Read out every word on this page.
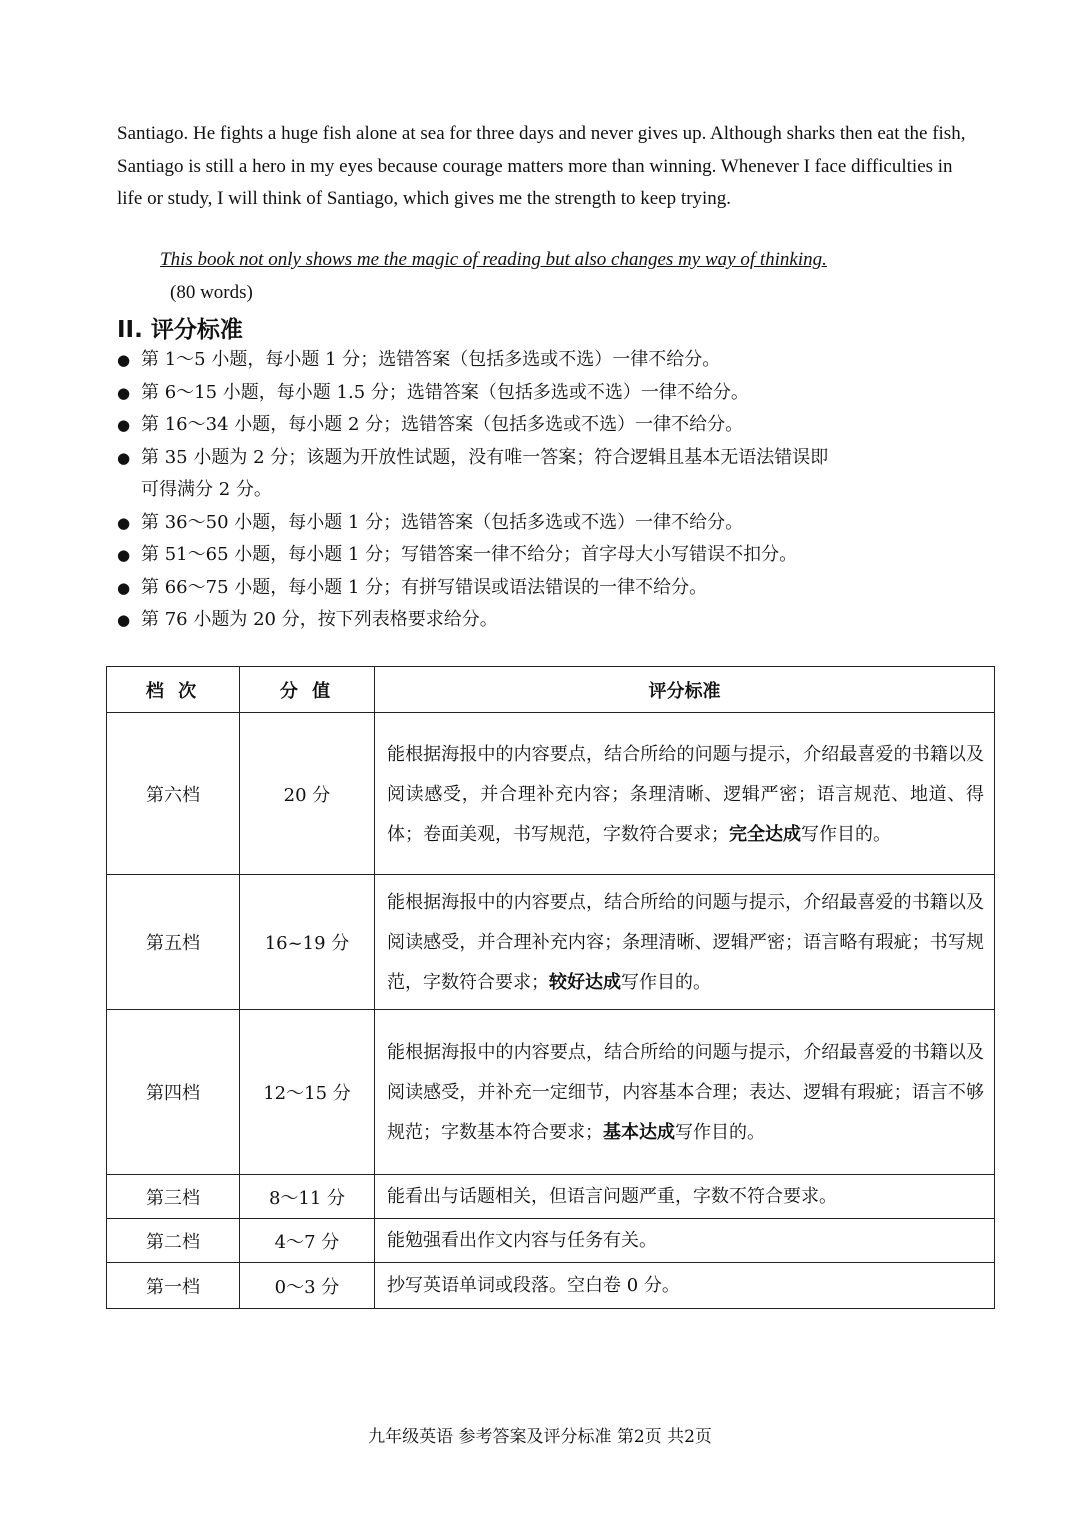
Santiago. He fights a huge fish alone at sea for three days and never gives up. Although sharks then eat the fish, Santiago is still a hero in my eyes because courage matters more than winning. Whenever I face difficulties in life or study, I will think of Santiago, which gives me the strength to keep trying.

This book not only shows me the magic of reading but also changes my way of thinking.
(80 words)
II. 评分标准
● 第 1～5 小题，每小题 1 分；选错答案（包括多选或不选）一律不给分。
● 第 6～15 小题，每小题 1.5 分；选错答案（包括多选或不选）一律不给分。
● 第 16～34 小题，每小题 2 分；选错答案（包括多选或不选）一律不给分。
● 第 35 小题为 2 分；该题为开放性试题，没有唯一答案；符合逻辑且基本无语法错误即
可得满分 2 分。
● 第 36～50 小题，每小题 1 分；选错答案（包括多选或不选）一律不给分。
● 第 51～65 小题，每小题 1 分；写错答案一律不给分；首字母大小写错误不扣分。
● 第 66～75 小题，每小题 1 分；有拼写错误或语法错误的一律不给分。
● 第 76 小题为 20 分，按下列表格要求给分。
档 次	分 值	评分标准
第六档	20 分	能根据海报中的内容要点，结合所给的问题与提示，介绍最喜爱的书籍以及阅读感受，并合理补充内容；条理清晰、逻辑严密；语言规范、地道、得体；卷面美观，书写规范，字数符合要求；完全达成写作目的。
第五档	16~19 分	能根据海报中的内容要点，结合所给的问题与提示，介绍最喜爱的书籍以及阅读感受，并合理补充内容；条理清晰、逻辑严密；语言略有瑕疵；书写规范，字数符合要求；较好达成写作目的。
第四档	12～15 分	能根据海报中的内容要点，结合所给的问题与提示，介绍最喜爱的书籍以及阅读感受，并补充一定细节，内容基本合理；表达、逻辑有瑕疵；语言不够规范；字数基本符合要求；基本达成写作目的。
第三档	8～11 分	能看出与话题相关，但语言问题严重，字数不符合要求。
第二档	4～7 分	能勉强看出作文内容与任务有关。
第一档	0～3 分	抄写英语单词或段落。空白卷 0 分。
九年级英语 参考答案及评分标准 第2页 共2页
